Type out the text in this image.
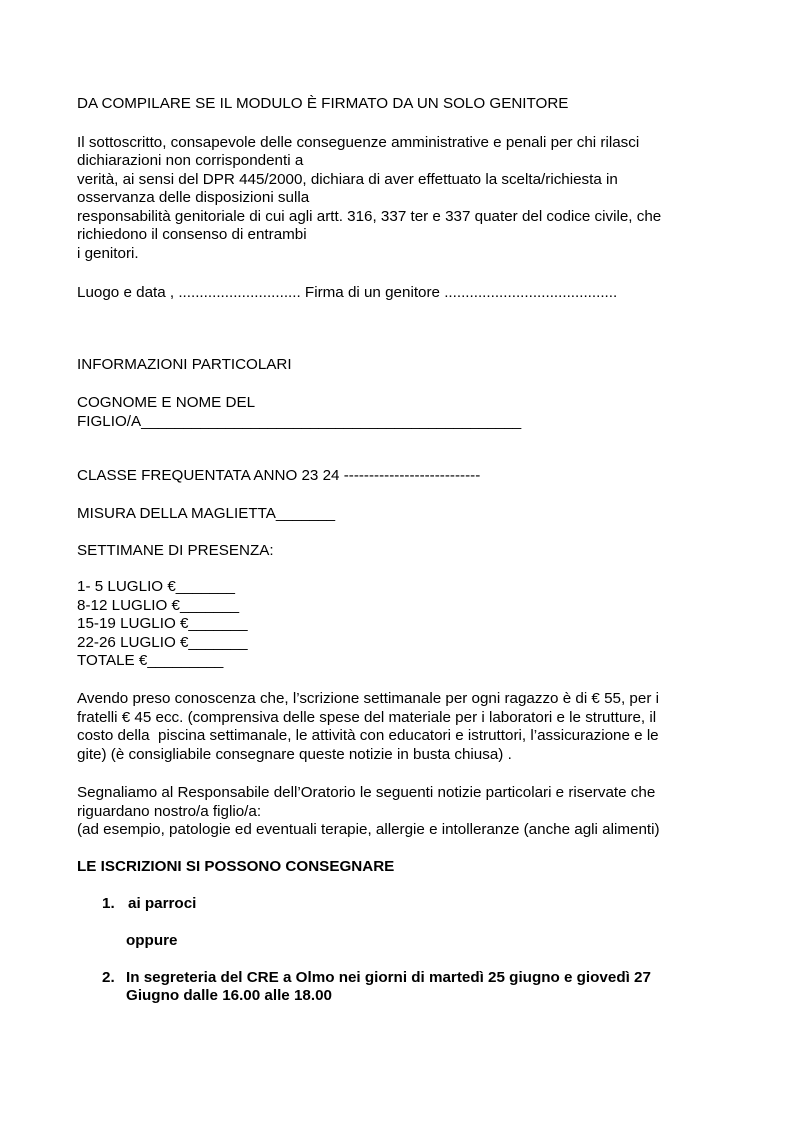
DA COMPILARE SE IL MODULO È FIRMATO DA UN SOLO GENITORE
Il sottoscritto, consapevole delle conseguenze amministrative e penali per chi rilasci
dichiarazioni non corrispondenti a
verità, ai sensi del DPR 445/2000, dichiara di aver effettuato la scelta/richiesta in
osservanza delle disposizioni sulla
responsabilità genitoriale di cui agli artt. 316, 337 ter e 337 quater del codice civile, che
richiedono il consenso di entrambi
i genitori.
Luogo e data , ............................. Firma di un genitore .........................................
INFORMAZIONI PARTICOLARI
COGNOME E NOME DEL
FIGLIO/A_____________________________________________
CLASSE FREQUENTATA ANNO 23 24 ---------------------------
MISURA DELLA MAGLIETTA_______
SETTIMANE DI PRESENZA:
1- 5 LUGLIO €_______
8-12 LUGLIO €_______
15-19 LUGLIO €_______
22-26 LUGLIO €_______
TOTALE €_________
Avendo preso conoscenza che, l’scrizione settimanale per ogni ragazzo è di € 55, per i
fratelli € 45 ecc. (comprensiva delle spese del materiale per i laboratori e le strutture, il
costo della  piscina settimanale, le attività con educatori e istruttori, l’assicurazione e le
gite) (è consigliabile consegnare queste notizie in busta chiusa) .
Segnaliamo al Responsabile dell’Oratorio le seguenti notizie particolari e riservate che
riguardano nostro/a figlio/a:
(ad esempio, patologie ed eventuali terapie, allergie e intolleranze (anche agli alimenti)
LE ISCRIZIONI SI POSSONO CONSEGNARE
1. ai parroci
oppure
2. In segreteria del CRE a Olmo nei giorni di martedì 25 giugno e giovedì 27
Giugno dalle 16.00 alle 18.00
